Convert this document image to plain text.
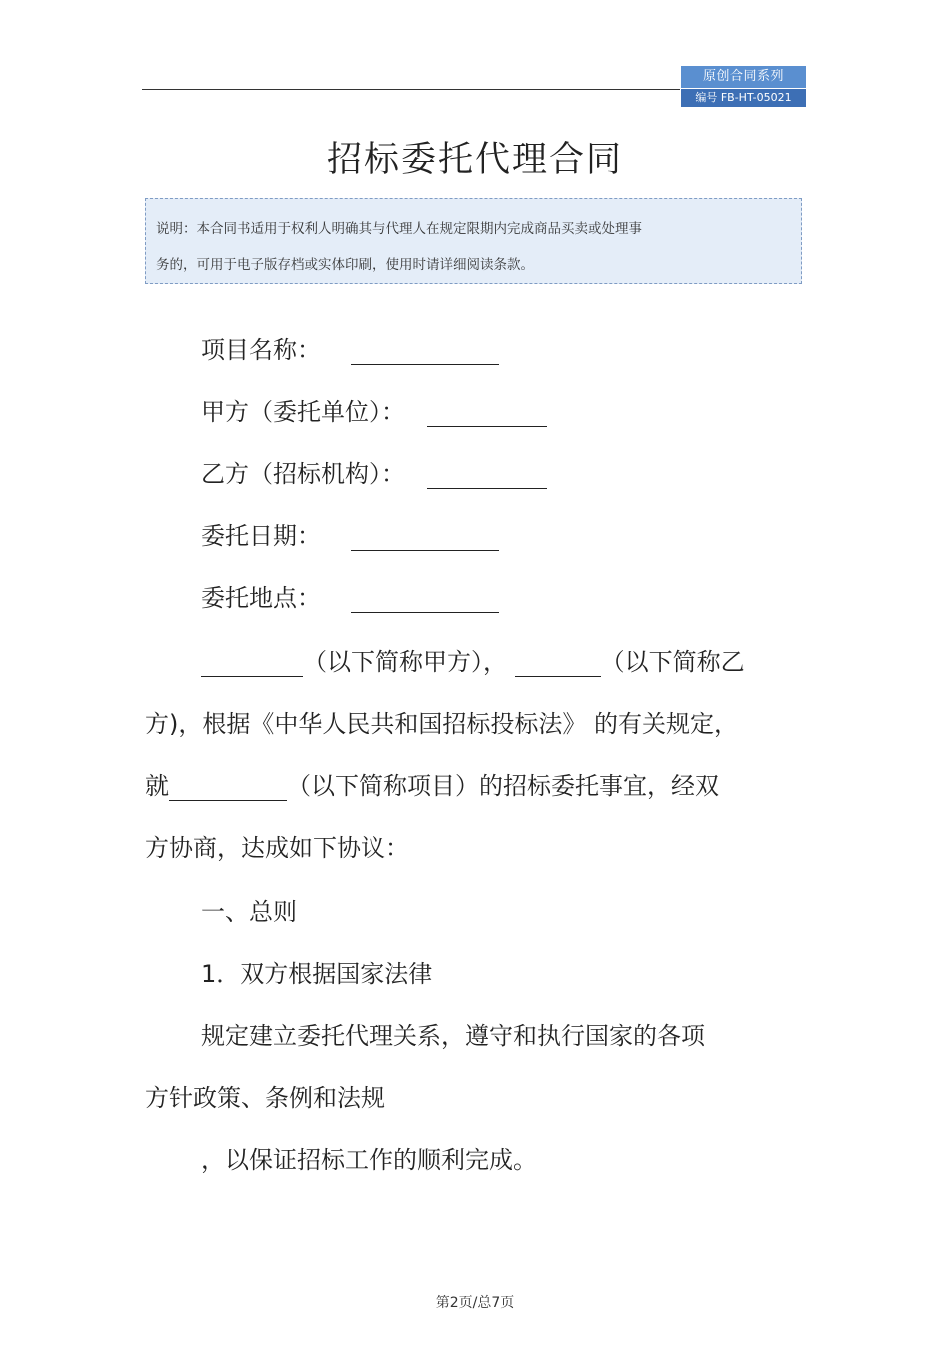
原创合同系列
编号 FB-HT-05021
招标委托代理合同

说明：本合同书适用于权利人明确其与代理人在规定限期内完成商品买卖或处理事

务的，可用于电子版存档或实体印刷，使用时请详细阅读条款。

项目名称：
甲方（委托单位）：
乙方（招标机构）：
委托日期：
委托地点：
（以下简称甲方），	（以下简称乙
方)，根据《中华人民共和国招标投标法》 的有关规定，
就	（以下简称项目）的招标委托事宜，经双
方协商，达成如下协议：
一、总则
1．双方根据国家法律
规定建立委托代理关系，遵守和执行国家的各项
方针政策、条例和法规
，以保证招标工作的顺利完成。
第2页/总7页
